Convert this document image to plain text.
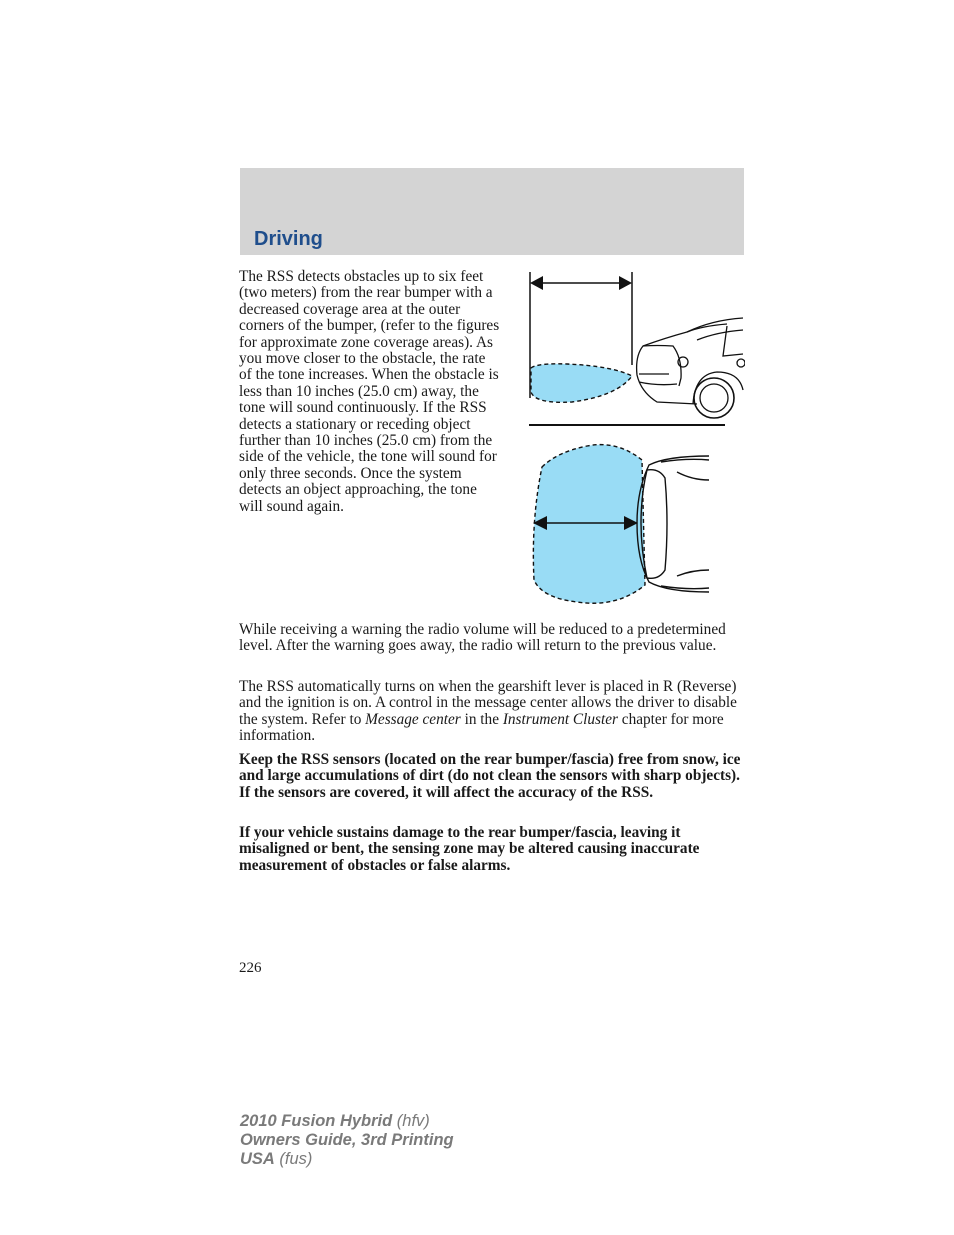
Driving

The RSS detects obstacles up to six feet (two meters) from the rear bumper with a decreased coverage area at the outer corners of the bumper, (refer to the figures for approximate zone coverage areas). As you move closer to the obstacle, the rate of the tone increases. When the obstacle is less than 10 inches (25.0 cm) away, the tone will sound continuously. If the RSS detects a stationary or receding object further than 10 inches (25.0 cm) from the side of the vehicle, the tone will sound for only three seconds. Once the system detects an object approaching, the tone will sound again.

While receiving a warning the radio volume will be reduced to a predetermined level. After the warning goes away, the radio will return to the previous value.

The RSS automatically turns on when the gearshift lever is placed in R (Reverse) and the ignition is on. A control in the message center allows the driver to disable the system. Refer to Message center in the Instrument Cluster chapter for more information.

Keep the RSS sensors (located on the rear bumper/fascia) free from snow, ice and large accumulations of dirt (do not clean the sensors with sharp objects). If the sensors are covered, it will affect the accuracy of the RSS.

If your vehicle sustains damage to the rear bumper/fascia, leaving it misaligned or bent, the sensing zone may be altered causing inaccurate measurement of obstacles or false alarms.

226

2010 Fusion Hybrid (hfv)
Owners Guide, 3rd Printing
USA (fus)
